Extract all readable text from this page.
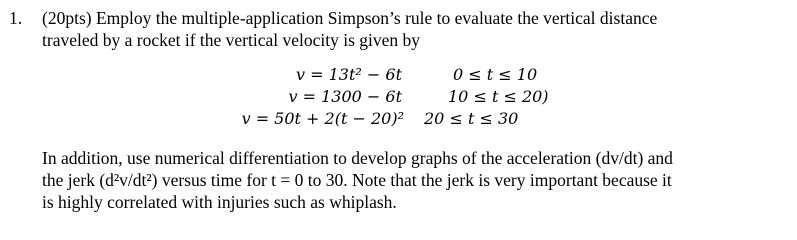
1. (20pts) Employ the multiple-application Simpson’s rule to evaluate the vertical distance
traveled by a rocket if the vertical velocity is given by
v = 13t² − 6t	0 ≤ t ≤ 10
v = 1300 − 6t	10 ≤ t ≤ 20)
v = 50t + 2(t − 20)² 20 ≤ t ≤ 30
In addition, use numerical differentiation to develop graphs of the acceleration (dv/dt) and
the jerk (d²v/dt²) versus time for t = 0 to 30. Note that the jerk is very important because it
is highly correlated with injuries such as whiplash.
